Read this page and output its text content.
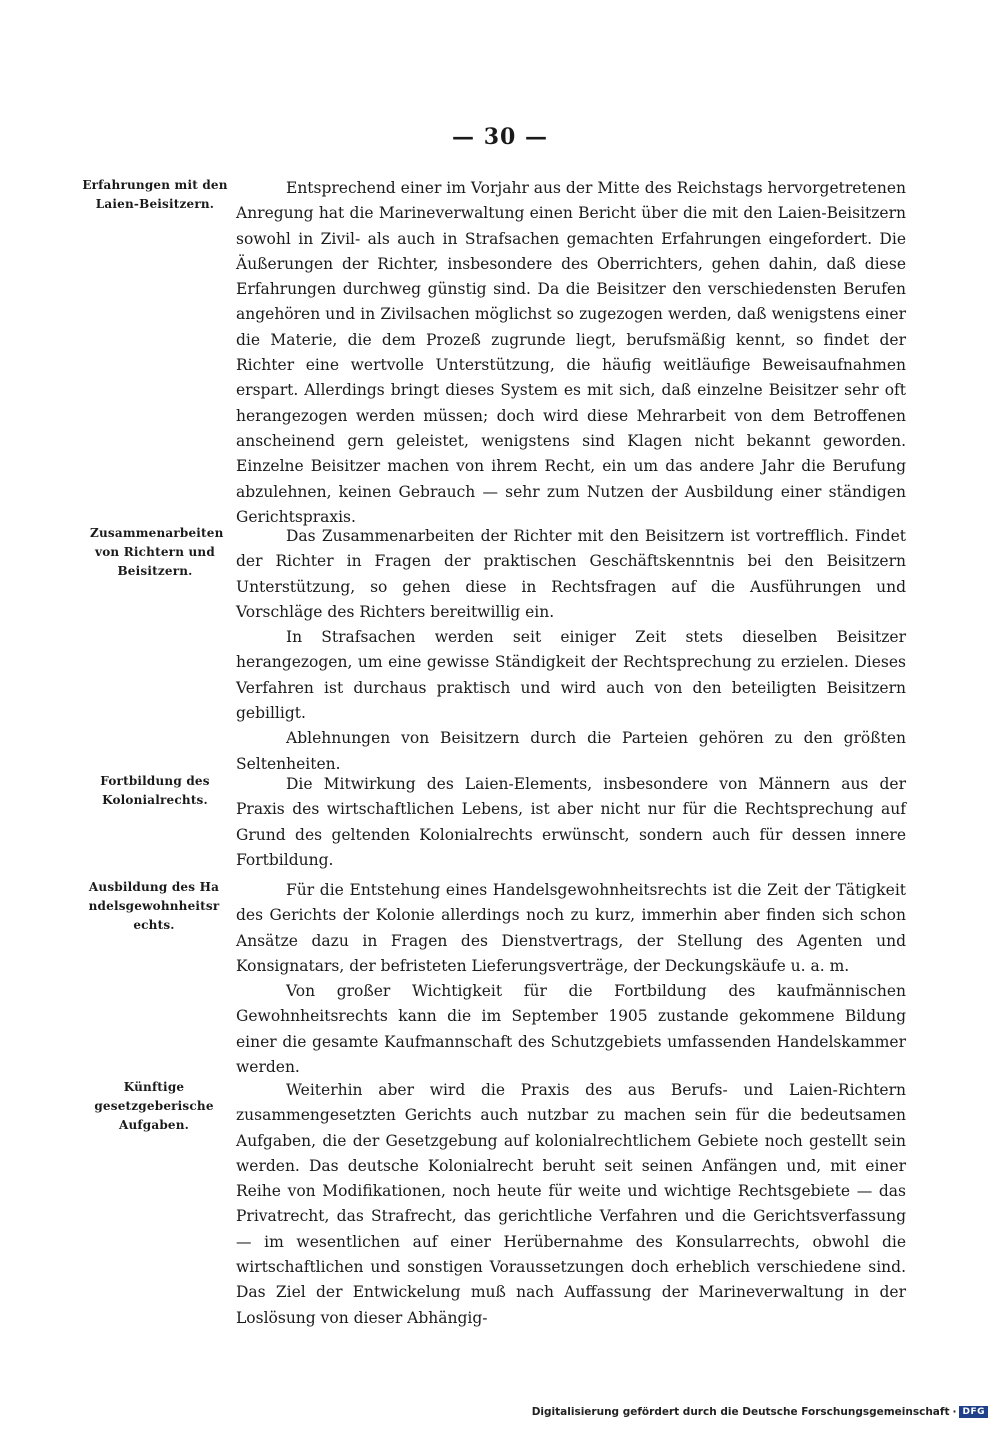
— 30 —
Erfahrungen mit den Laien-Beisitzern.

Entsprechend einer im Vorjahr aus der Mitte des Reichstags hervorgetretenen Anregung hat die Marineverwaltung einen Bericht über die mit den Laien-Beisitzern sowohl in Zivil- als auch in Strafsachen gemachten Erfahrungen eingefordert. Die Äußerungen der Richter, insbesondere des Oberrichters, gehen dahin, daß diese Erfahrungen durchweg günstig sind. Da die Beisitzer den verschiedensten Berufen angehören und in Zivilsachen möglichst so zugezogen werden, daß wenigstens einer die Materie, die dem Prozeß zugrunde liegt, berufsmäßig kennt, so findet der Richter eine wertvolle Unterstützung, die häufig weitläufige Beweisaufnahmen erspart. Allerdings bringt dieses System es mit sich, daß einzelne Beisitzer sehr oft herangezogen werden müssen; doch wird diese Mehrarbeit von dem Betroffenen anscheinend gern geleistet, wenigstens sind Klagen nicht bekannt geworden. Einzelne Beisitzer machen von ihrem Recht, ein um das andere Jahr die Berufung abzulehnen, keinen Gebrauch — sehr zum Nutzen der Ausbildung einer ständigen Gerichtspraxis.

Zusammenarbeiten von Richtern und Beisitzern.

Das Zusammenarbeiten der Richter mit den Beisitzern ist vortrefflich. Findet der Richter in Fragen der praktischen Geschäftskenntnis bei den Beisitzern Unterstützung, so gehen diese in Rechtsfragen auf die Ausführungen und Vorschläge des Richters bereitwillig ein.

In Strafsachen werden seit einiger Zeit stets dieselben Beisitzer herangezogen, um eine gewisse Ständigkeit der Rechtsprechung zu erzielen. Dieses Verfahren ist durchaus praktisch und wird auch von den beteiligten Beisitzern gebilligt.

Ablehnungen von Beisitzern durch die Parteien gehören zu den größten Seltenheiten.

Fortbildung des Kolonialrechts.

Die Mitwirkung des Laien-Elements, insbesondere von Männern aus der Praxis des wirtschaftlichen Lebens, ist aber nicht nur für die Rechtsprechung auf Grund des geltenden Kolonialrechts erwünscht, sondern auch für dessen innere Fortbildung.

Ausbildung des Handelsgewohnheitsrechts.

Für die Entstehung eines Handelsgewohnheitsrechts ist die Zeit der Tätigkeit des Gerichts der Kolonie allerdings noch zu kurz, immerhin aber finden sich schon Ansätze dazu in Fragen des Dienstvertrags, der Stellung des Agenten und Konsignatars, der befristeten Lieferungsverträge, der Deckungskäufe u. a. m.

Von großer Wichtigkeit für die Fortbildung des kaufmännischen Gewohnheitsrechts kann die im September 1905 zustande gekommene Bildung einer die gesamte Kaufmannschaft des Schutzgebiets umfassenden Handelskammer werden.

Künftige gesetzgeberische Aufgaben.

Weiterhin aber wird die Praxis des aus Berufs- und Laien-Richtern zusammengesetzten Gerichts auch nutzbar zu machen sein für die bedeutsamen Aufgaben, die der Gesetzgebung auf kolonialrechtlichem Gebiete noch gestellt sein werden. Das deutsche Kolonialrecht beruht seit seinen Anfängen und, mit einer Reihe von Modifikationen, noch heute für weite und wichtige Rechtsgebiete — das Privatrecht, das Strafrecht, das gerichtliche Verfahren und die Gerichtsverfassung — im wesentlichen auf einer Herübernahme des Konsularrechts, obwohl die wirtschaftlichen und sonstigen Voraussetzungen doch erheblich verschiedene sind. Das Ziel der Entwickelung muß nach Auffassung der Marineverwaltung in der Loslösung von dieser Abhängig-

Digitalisierung gefördert durch die Deutsche Forschungsgemeinschaft · DFG
